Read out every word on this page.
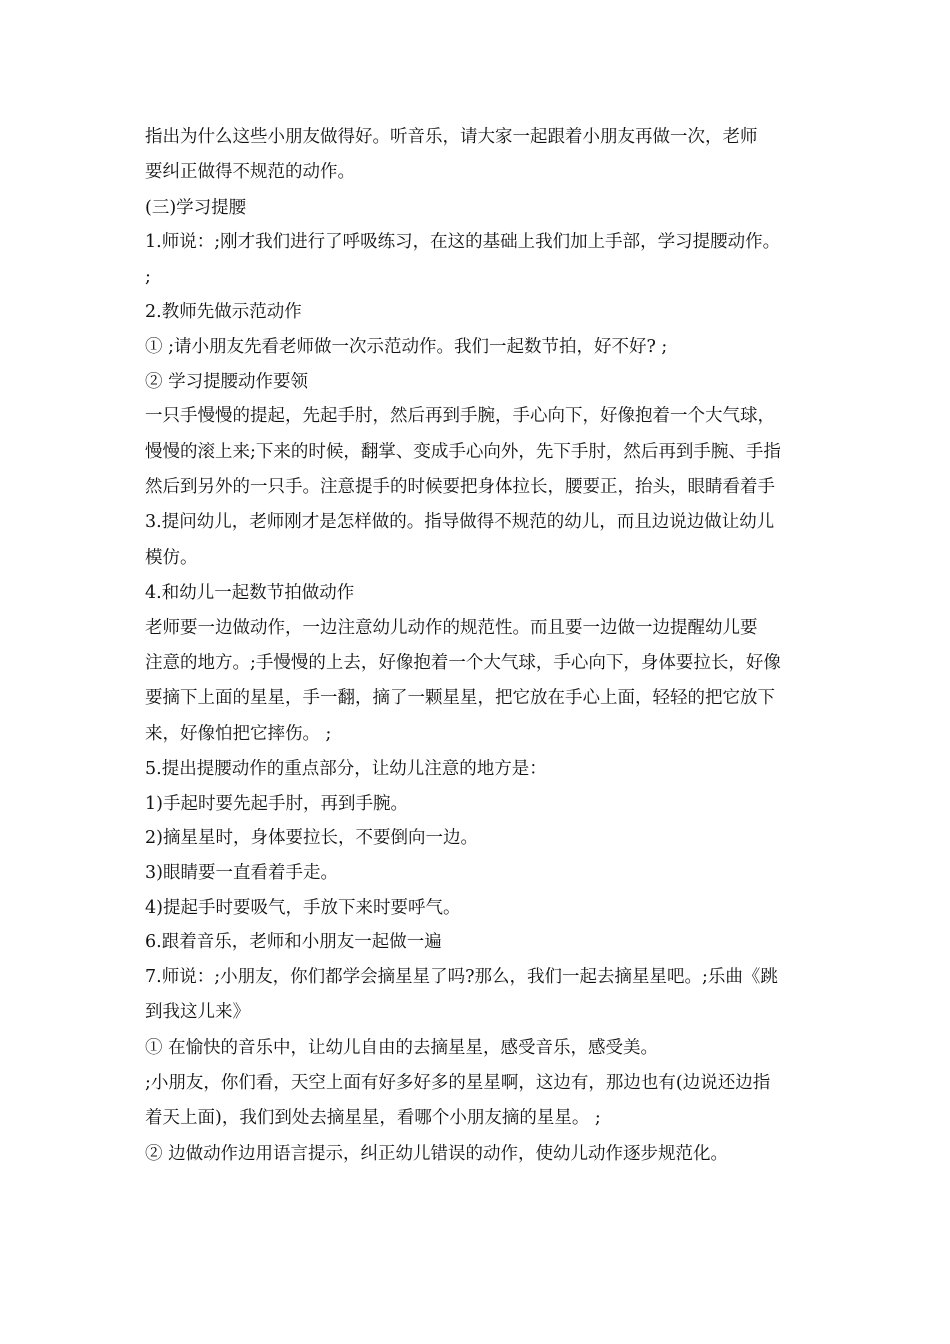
指出为什么这些小朋友做得好。听音乐，请大家一起跟着小朋友再做一次，老师
要纠正做得不规范的动作。
(三)学习提腰
1.师说：;刚才我们进行了呼吸练习，在这的基础上我们加上手部，学习提腰动作。
;
2.教师先做示范动作
① ;请小朋友先看老师做一次示范动作。我们一起数节拍，好不好? ;
② 学习提腰动作要领
一只手慢慢的提起，先起手肘，然后再到手腕，手心向下，好像抱着一个大气球，
慢慢的滚上来;下来的时候，翻掌、变成手心向外，先下手肘，然后再到手腕、手指
然后到另外的一只手。注意提手的时候要把身体拉长，腰要正，抬头，眼睛看着手
3.提问幼儿，老师刚才是怎样做的。指导做得不规范的幼儿，而且边说边做让幼儿
模仿。
4.和幼儿一起数节拍做动作
老师要一边做动作，一边注意幼儿动作的规范性。而且要一边做一边提醒幼儿要
注意的地方。;手慢慢的上去，好像抱着一个大气球，手心向下，身体要拉长，好像
要摘下上面的星星，手一翻，摘了一颗星星，把它放在手心上面，轻轻的把它放下
来，好像怕把它摔伤。 ;
5.提出提腰动作的重点部分，让幼儿注意的地方是：
1)手起时要先起手肘，再到手腕。
2)摘星星时，身体要拉长，不要倒向一边。
3)眼睛要一直看着手走。
4)提起手时要吸气，手放下来时要呼气。
6.跟着音乐，老师和小朋友一起做一遍
7.师说：;小朋友，你们都学会摘星星了吗?那么，我们一起去摘星星吧。;乐曲《跳
到我这儿来》
① 在愉快的音乐中，让幼儿自由的去摘星星，感受音乐，感受美。
;小朋友，你们看，天空上面有好多好多的星星啊，这边有，那边也有(边说还边指
着天上面)，我们到处去摘星星，看哪个小朋友摘的星星。 ;
② 边做动作边用语言提示，纠正幼儿错误的动作，使幼儿动作逐步规范化。
